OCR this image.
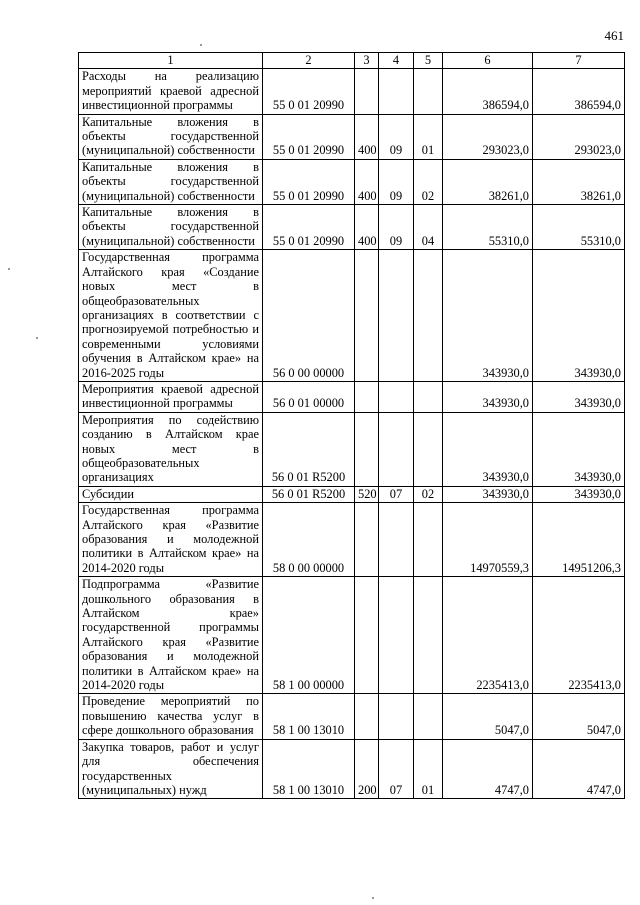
461
1	2	3	4	5	6	7
Расходы на реализацию мероприятий краевой адресной инвестиционной программы	55 0 01 20990				386594,0	386594,0
Капитальные вложения в объекты государственной (муниципальной) собственности	55 0 01 20990	400	09	01	293023,0	293023,0
Капитальные вложения в объекты государственной (муниципальной) собственности	55 0 01 20990	400	09	02	38261,0	38261,0
Капитальные вложения в объекты государственной (муниципальной) собственности	55 0 01 20990	400	09	04	55310,0	55310,0
Государственная программа Алтайского края «Создание новых мест в общеобразовательных организациях в соответствии с прогнозируемой потребностью и современными условиями обучения в Алтайском крае» на 2016-2025 годы	56 0 00 00000				343930,0	343930,0
Мероприятия краевой адресной инвестиционной программы	56 0 01 00000				343930,0	343930,0
Мероприятия по содействию созданию в Алтайском крае новых мест в общеобразовательных организациях	56 0 01 R5200				343930,0	343930,0
Субсидии	56 0 01 R5200	520	07	02	343930,0	343930,0
Государственная программа Алтайского края «Развитие образования и молодежной политики в Алтайском крае» на 2014-2020 годы	58 0 00 00000				14970559,3	14951206,3
Подпрограмма «Развитие дошкольного образования в Алтайском крае» государственной программы Алтайского края «Развитие образования и молодежной политики в Алтайском крае» на 2014-2020 годы	58 1 00 00000				2235413,0	2235413,0
Проведение мероприятий по повышению качества услуг в сфере дошкольного образования	58 1 00 13010				5047,0	5047,0
Закупка товаров, работ и услуг для обеспечения государственных (муниципальных) нужд	58 1 00 13010	200	07	01	4747,0	4747,0
